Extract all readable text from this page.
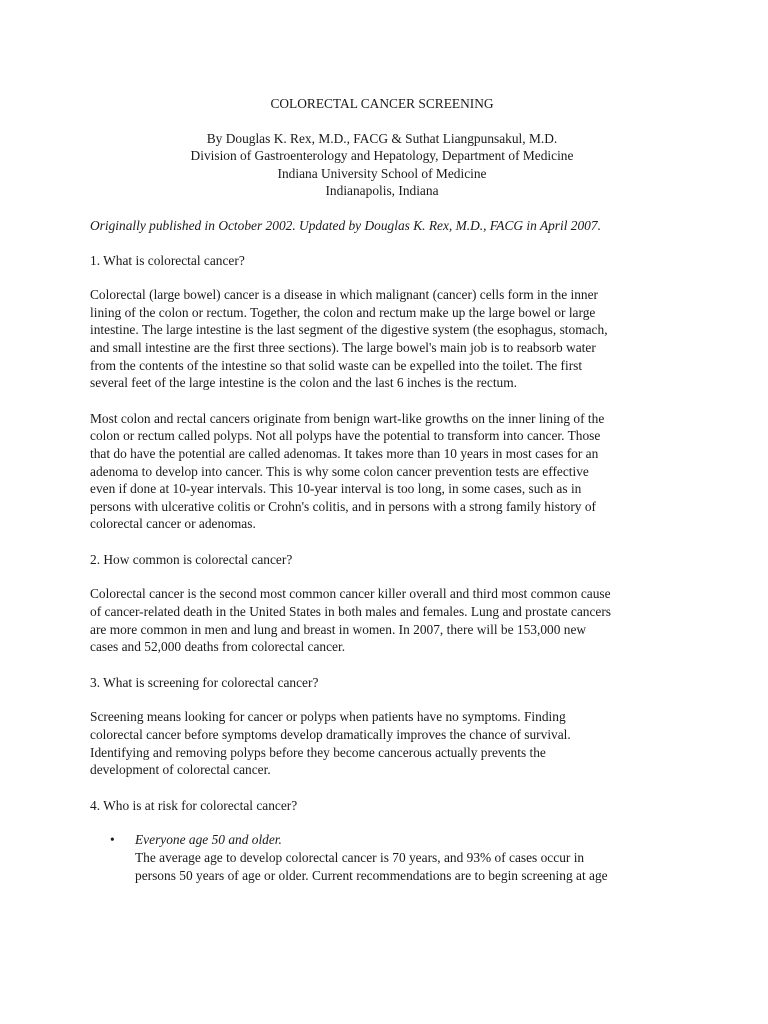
COLORECTAL CANCER SCREENING

By Douglas K. Rex, M.D., FACG & Suthat Liangpunsakul, M.D.
Division of Gastroenterology and Hepatology, Department of Medicine
Indiana University School of Medicine
Indianapolis, Indiana

Originally published in October 2002. Updated by Douglas K. Rex, M.D., FACG in April 2007.

1. What is colorectal cancer?

Colorectal (large bowel) cancer is a disease in which malignant (cancer) cells form in the inner
lining of the colon or rectum. Together, the colon and rectum make up the large bowel or large
intestine. The large intestine is the last segment of the digestive system (the esophagus, stomach,
and small intestine are the first three sections). The large bowel's main job is to reabsorb water
from the contents of the intestine so that solid waste can be expelled into the toilet. The first
several feet of the large intestine is the colon and the last 6 inches is the rectum.
Most colon and rectal cancers originate from benign wart-like growths on the inner lining of the
colon or rectum called polyps. Not all polyps have the potential to transform into cancer. Those
that do have the potential are called adenomas. It takes more than 10 years in most cases for an
adenoma to develop into cancer. This is why some colon cancer prevention tests are effective
even if done at 10-year intervals. This 10-year interval is too long, in some cases, such as in
persons with ulcerative colitis or Crohn's colitis, and in persons with a strong family history of
colorectal cancer or adenomas.

2. How common is colorectal cancer?

Colorectal cancer is the second most common cancer killer overall and third most common cause
of cancer-related death in the United States in both males and females. Lung and prostate cancers
are more common in men and lung and breast in women. In 2007, there will be 153,000 new
cases and 52,000 deaths from colorectal cancer.

3. What is screening for colorectal cancer?

Screening means looking for cancer or polyps when patients have no symptoms. Finding
colorectal cancer before symptoms develop dramatically improves the chance of survival.
Identifying and removing polyps before they become cancerous actually prevents the
development of colorectal cancer.

4. Who is at risk for colorectal cancer?

• Everyone age 50 and older.
The average age to develop colorectal cancer is 70 years, and 93% of cases occur in
persons 50 years of age or older. Current recommendations are to begin screening at age
